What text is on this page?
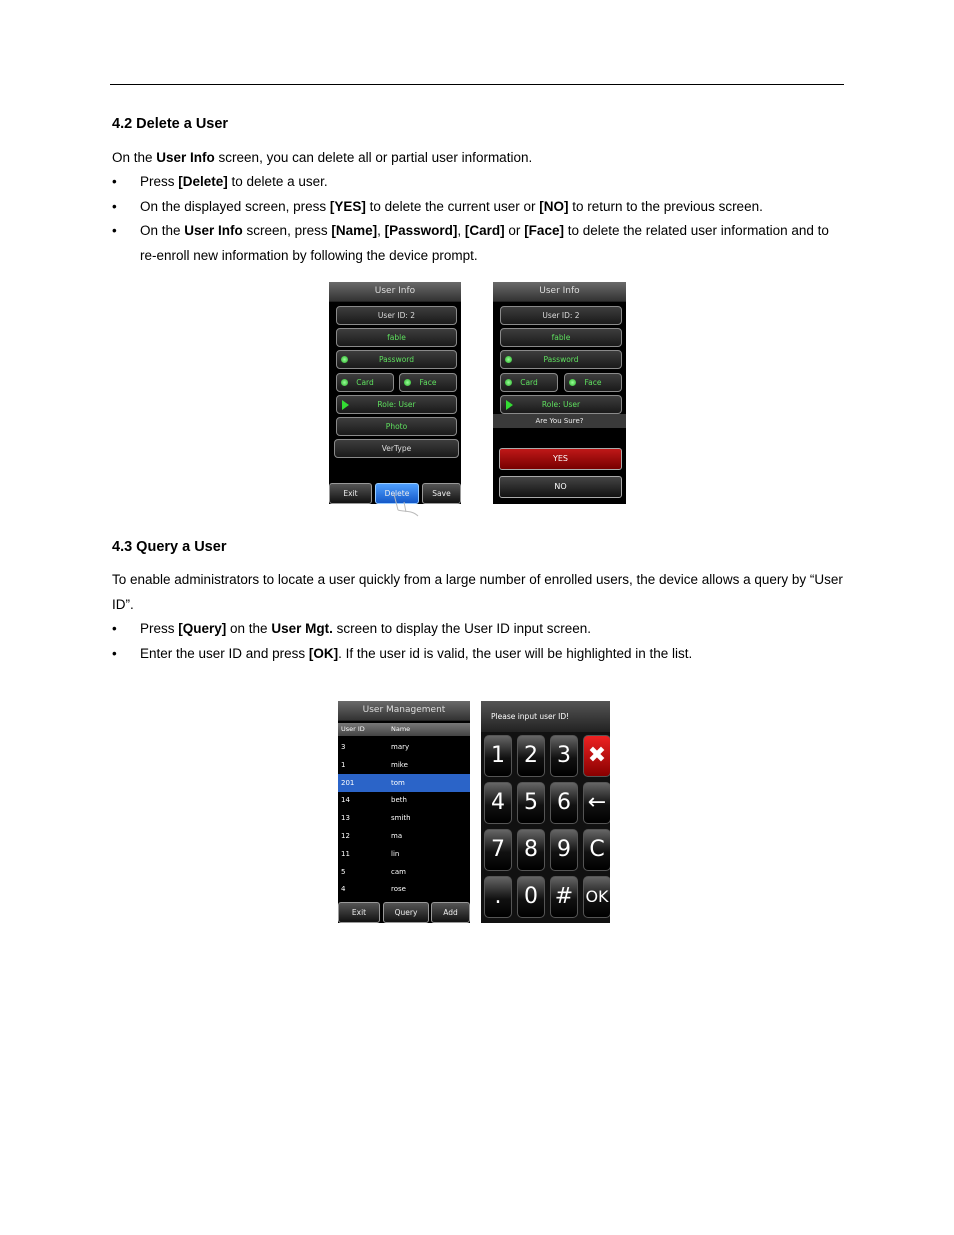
4.2 Delete a User
On the User Info screen, you can delete all or partial user information.
• Press [Delete] to delete a user.
• On the displayed screen, press [YES] to delete the current user or [NO] to return to the previous screen.
• On the User Info screen, press [Name], [Password], [Card] or [Face] to delete the related user information and to re-enroll new information by following the device prompt.
User Info
User ID: 2
fable
Password
Card	Face
Role: User
Photo
VerType
Exit	Delete	Save
User Info
User ID: 2
fable
Password
Card	Face
Role: User
Are You Sure?
YES
NO
4.3 Query a User
To enable administrators to locate a user quickly from a large number of enrolled users, the device allows a query by “User ID”.
• Press [Query] on the User Mgt. screen to display the User ID input screen.
• Enter the user ID and press [OK]. If the user id is valid, the user will be highlighted in the list.
User Management
User ID	Name
3	mary
1	mike
201	tom
14	beth
13	smith
12	ma
11	lin
5	cam
4	rose
Exit	Query	Add
Please input user ID!
1 2 3 ✖
4 5 6 ←
7 8 9 C
.	0 # OK
